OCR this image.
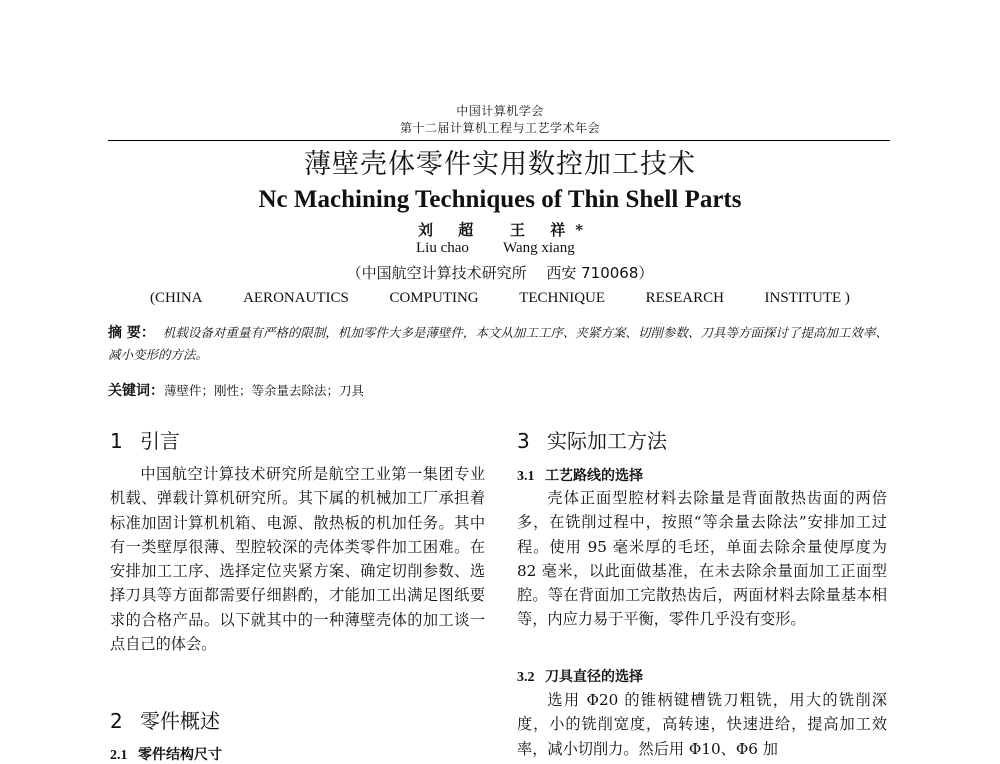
中国计算机学会
第十二届计算机工程与工艺学术年会
薄壁壳体零件实用数控加工技术
Nc Machining Techniques of Thin Shell Parts
刘 超 王 祥*
Liu chao Wang xiang
（中国航空计算技术研究所　 西安 710068）
(CHINA	AERONAUTICS	COMPUTING	TECHNIQUE	RESEARCH	INSTITUTE )
摘 要： 机载设备对重量有严格的限制，机加零件大多是薄壁件，本文从加工工序、夹紧方案、切削参数、刀具等方面探讨了提高加工效率、减小变形的方法。
关键词：薄壁件；刚性；等余量去除法；刀具
1 引言
中国航空计算技术研究所是航空工业第一集团专业机载、弹载计算机研究所。其下属的机械加工厂承担着标准加固计算机机箱、电源、散热板的机加任务。其中有一类壁厚很薄、型腔较深的壳体类零件加工困难。在安排加工工序、选择定位夹紧方案、确定切削参数、选择刀具等方面都需要仔细斟酌，才能加工出满足图纸要求的合格产品。以下就其中的一种薄壁壳体的加工谈一点自己的体会。
2 零件概述
2.1 零件结构尺寸
3 实际加工方法
3.1 工艺路线的选择
壳体正面型腔材料去除量是背面散热齿面的两倍多，在铣削过程中，按照“等余量去除法”安排加工过程。使用 95 毫米厚的毛坯，单面去除余量使厚度为 82 毫米，以此面做基准，在未去除余量面加工正面型腔。等在背面加工完散热齿后，两面材料去除量基本相等，内应力易于平衡，零件几乎没有变形。
3.2 刀具直径的选择
选用 Φ20 的锥柄键槽铣刀粗铣，用大的铣削深度，小的铣削宽度，高转速，快速进给，提高加工效率，减小切削力。然后用 Φ10、Φ6 加
